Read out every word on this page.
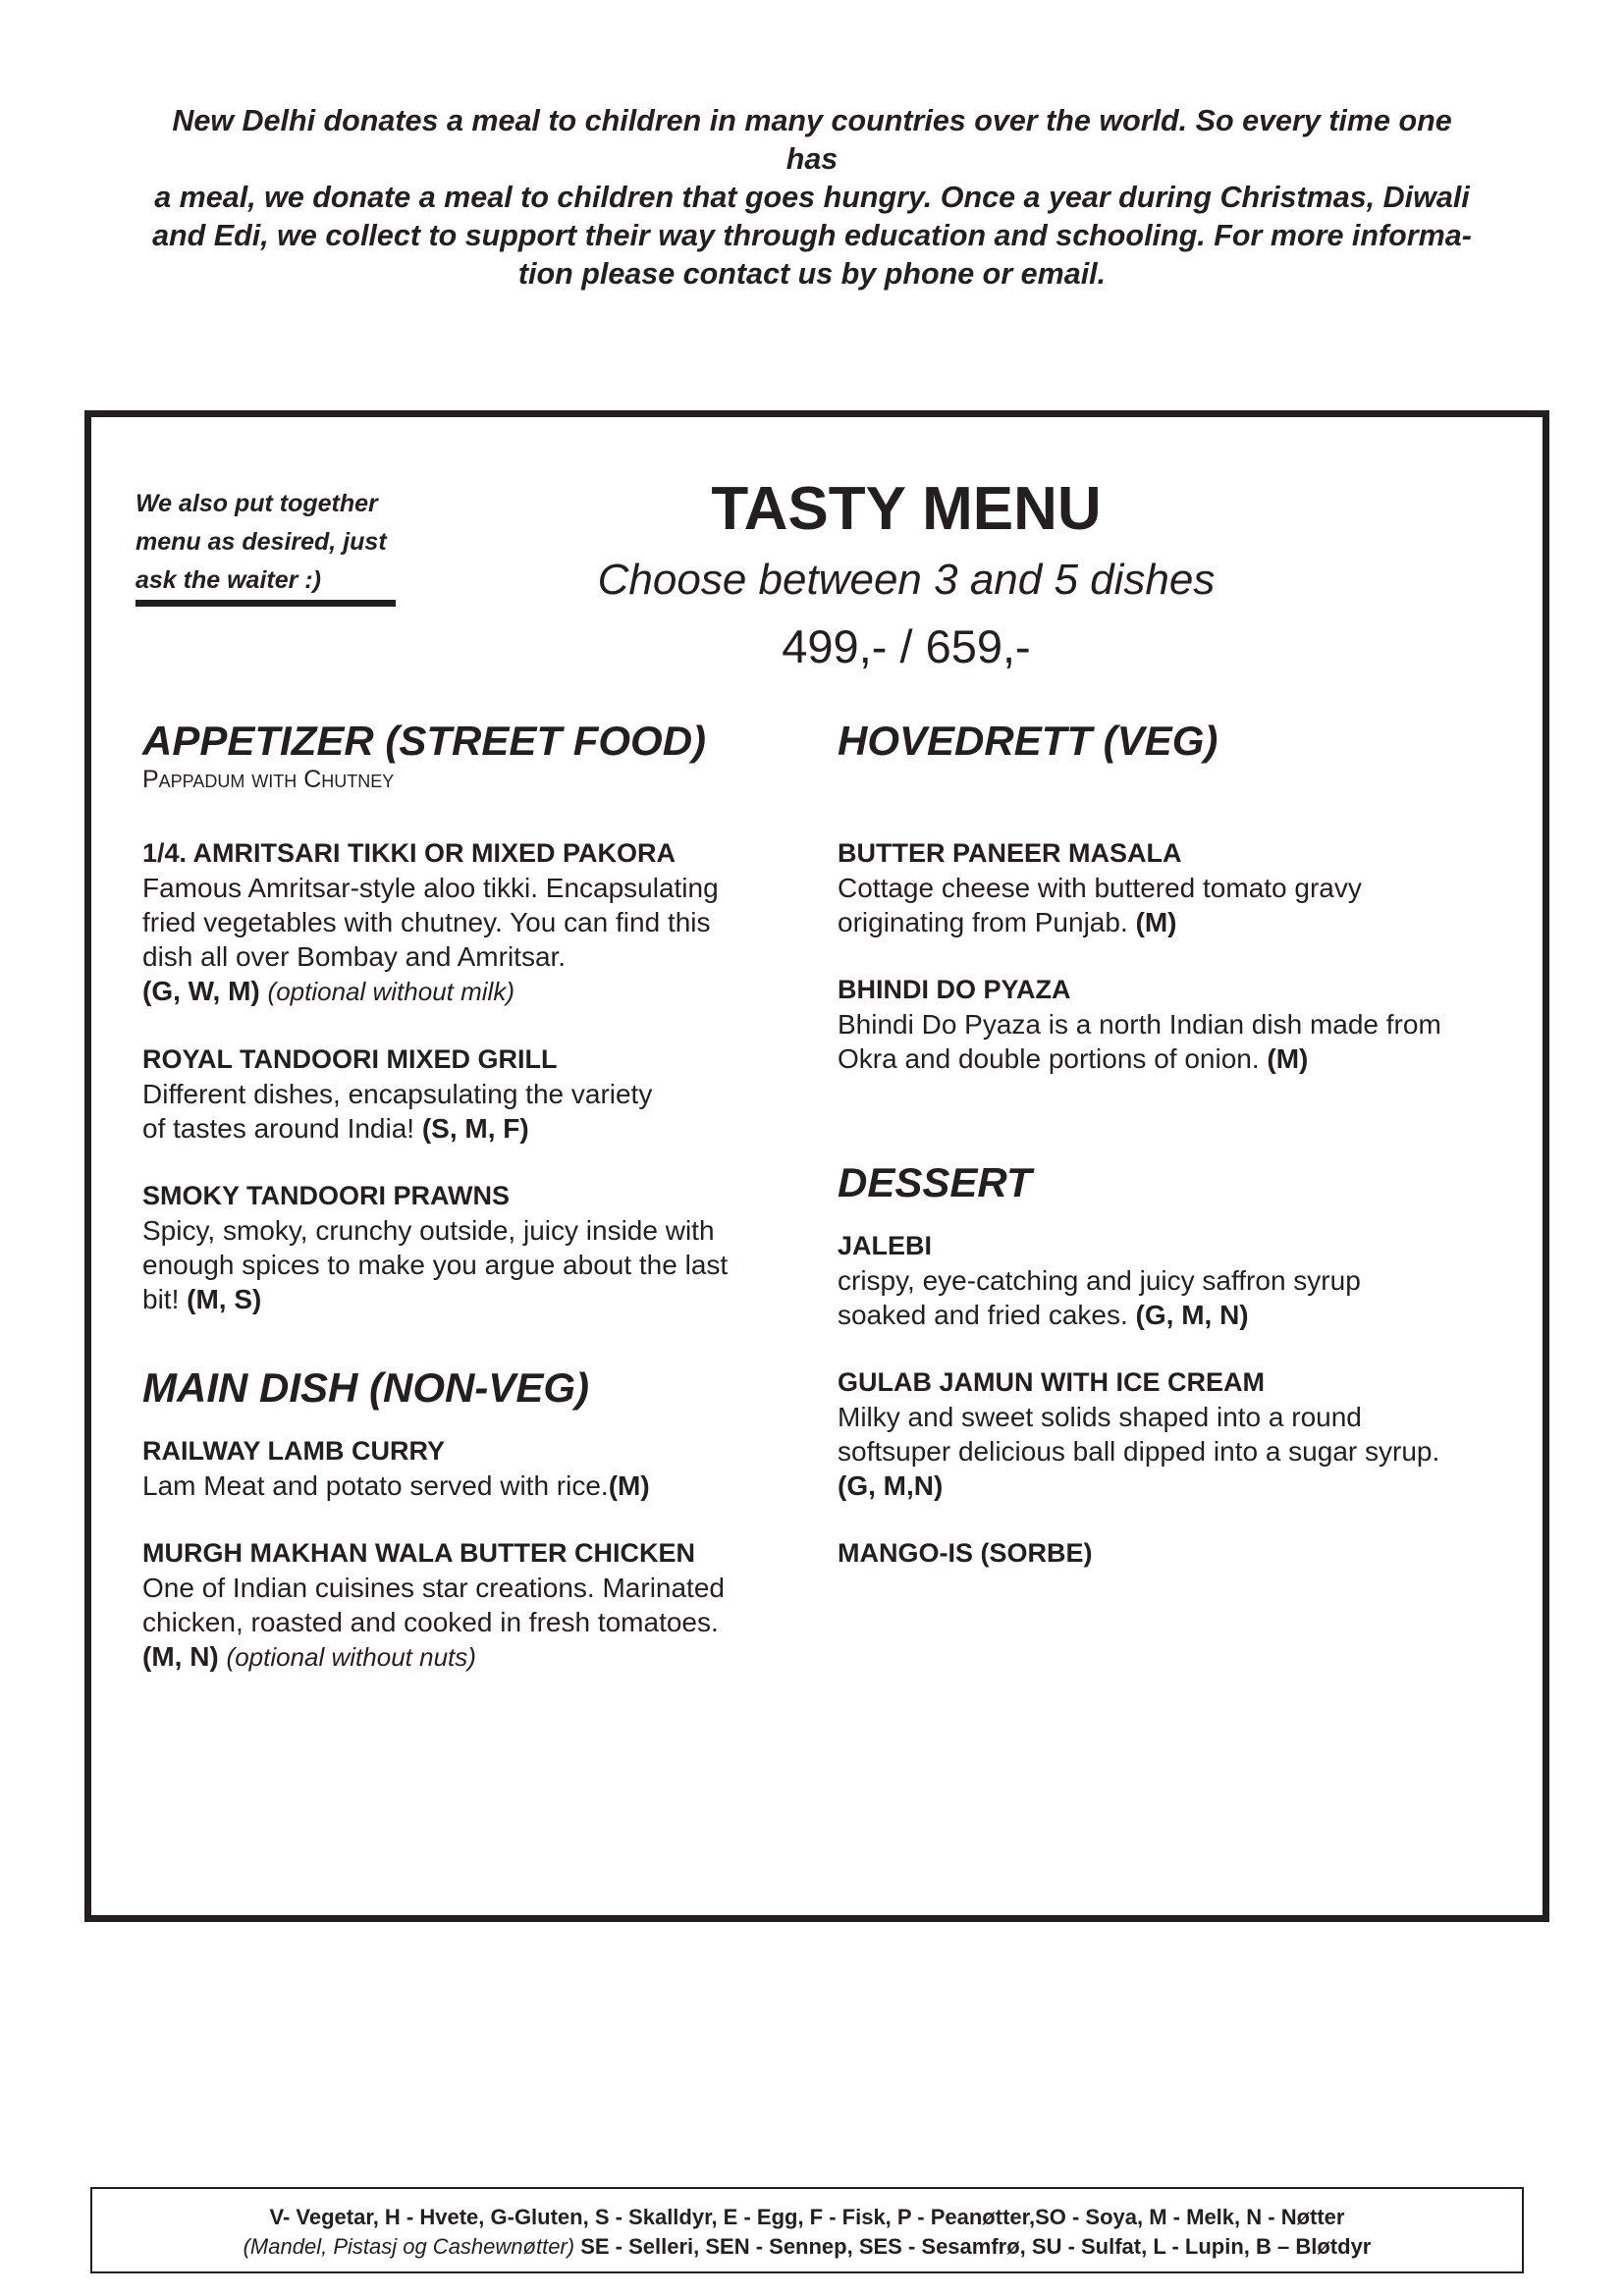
New Delhi donates a meal to children in many countries over the world. So every time one has
a meal, we donate a meal to children that goes hungry. Once a year during Christmas, Diwali
and Edi, we collect to support their way through education and schooling. For more informa-
tion please contact us by phone or email.
We also put together
menu as desired, just
ask the waiter :)
TASTY MENU
Choose between 3 and 5 dishes
499,- / 659,-
APPETIZER (STREET FOOD)
Pappadum with Chutney
1/4. AMRITSARI TIKKI OR MIXED PAKORA
Famous Amritsar-style aloo tikki. Encapsulating
fried vegetables with chutney. You can find this
dish all over Bombay and Amritsar.
(G, W, M) (optional without milk)
ROYAL TANDOORI MIXED GRILL
Different dishes, encapsulating the variety
of tastes around India! (S, M, F)
SMOKY TANDOORI PRAWNS
Spicy, smoky, crunchy outside, juicy inside with
enough spices to make you argue about the last
bit! (M, S)
MAIN DISH (NON-VEG)
RAILWAY LAMB CURRY
Lam Meat and potato served with rice.(M)
MURGH MAKHAN WALA BUTTER CHICKEN
One of Indian cuisines star creations. Marinated
chicken, roasted and cooked in fresh tomatoes.
(M, N) (optional without nuts)
HOVEDRETT (VEG)
BUTTER PANEER MASALA
Cottage cheese with buttered tomato gravy
originating from Punjab. (M)
BHINDI DO PYAZA
Bhindi Do Pyaza is a north Indian dish made from
Okra and double portions of onion. (M)
DESSERT
JALEBI
crispy, eye-catching and juicy saffron syrup
soaked and fried cakes. (G, M, N)
GULAB JAMUN WITH ICE CREAM
Milky and sweet solids shaped into a round
softsuper delicious ball dipped into a sugar syrup.
(G, M,N)
MANGO-IS (SORBE)
V- Vegetar, H - Hvete, G-Gluten, S - Skalldyr, E - Egg, F - Fisk, P - Peanøtter,SO - Soya, M - Melk, N - Nøtter
(Mandel, Pistasj og Cashewnøtter) SE - Selleri, SEN - Sennep, SES - Sesamfrø, SU - Sulfat, L - Lupin, B – Bløtdyr
